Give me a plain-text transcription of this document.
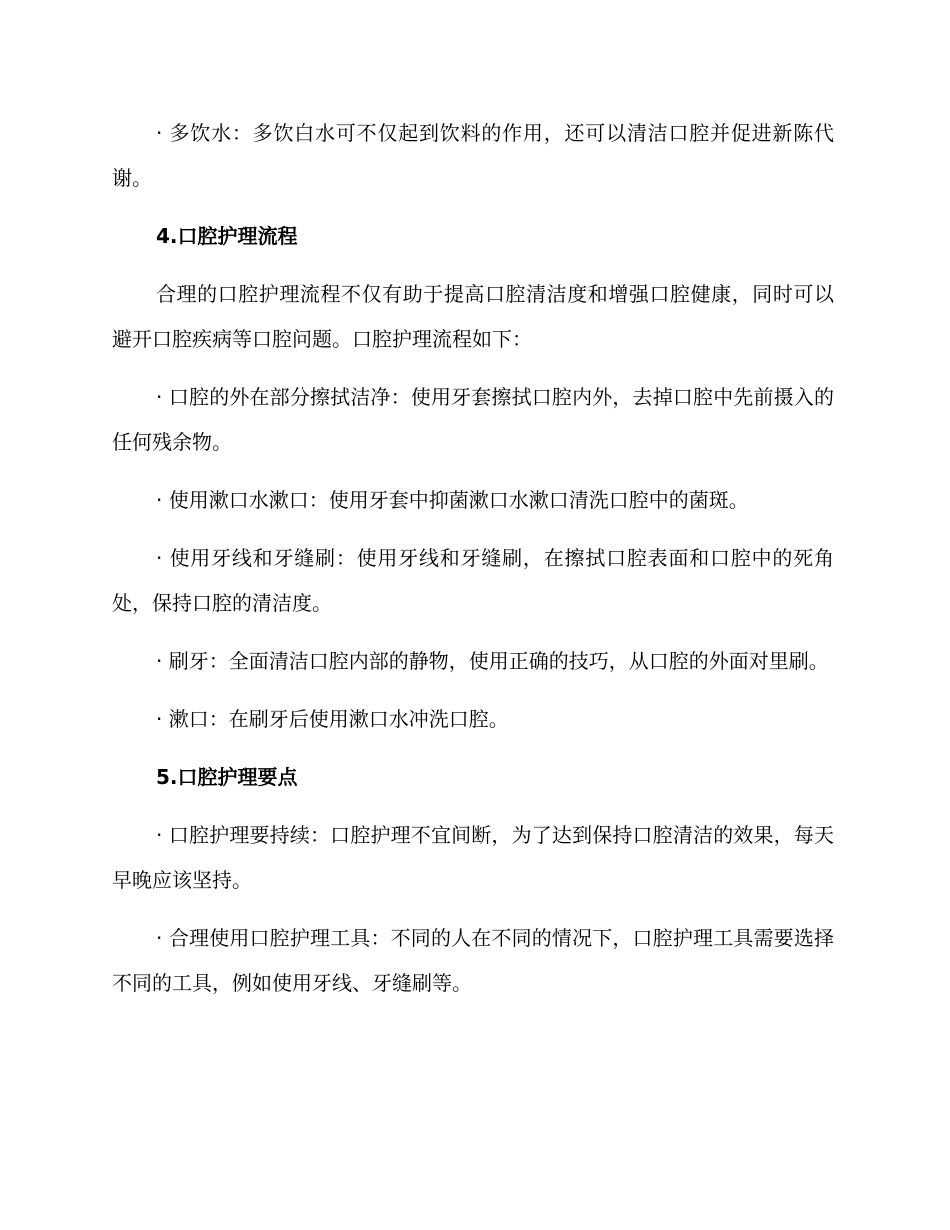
· 多饮水：多饮白水可不仅起到饮料的作用，还可以清洁口腔并促进新陈代谢。

4.口腔护理流程

合理的口腔护理流程不仅有助于提高口腔清洁度和增强口腔健康，同时可以避开口腔疾病等口腔问题。口腔护理流程如下：

· 口腔的外在部分擦拭洁净：使用牙套擦拭口腔内外，去掉口腔中先前摄入的任何残余物。

· 使用漱口水漱口：使用牙套中抑菌漱口水漱口清洗口腔中的菌斑。

· 使用牙线和牙缝刷：使用牙线和牙缝刷，在擦拭口腔表面和口腔中的死角处，保持口腔的清洁度。

· 刷牙：全面清洁口腔内部的静物，使用正确的技巧，从口腔的外面对里刷。

· 漱口：在刷牙后使用漱口水冲洗口腔。

5.口腔护理要点

· 口腔护理要持续：口腔护理不宜间断，为了达到保持口腔清洁的效果，每天早晚应该坚持。

· 合理使用口腔护理工具：不同的人在不同的情况下，口腔护理工具需要选择不同的工具，例如使用牙线、牙缝刷等。
